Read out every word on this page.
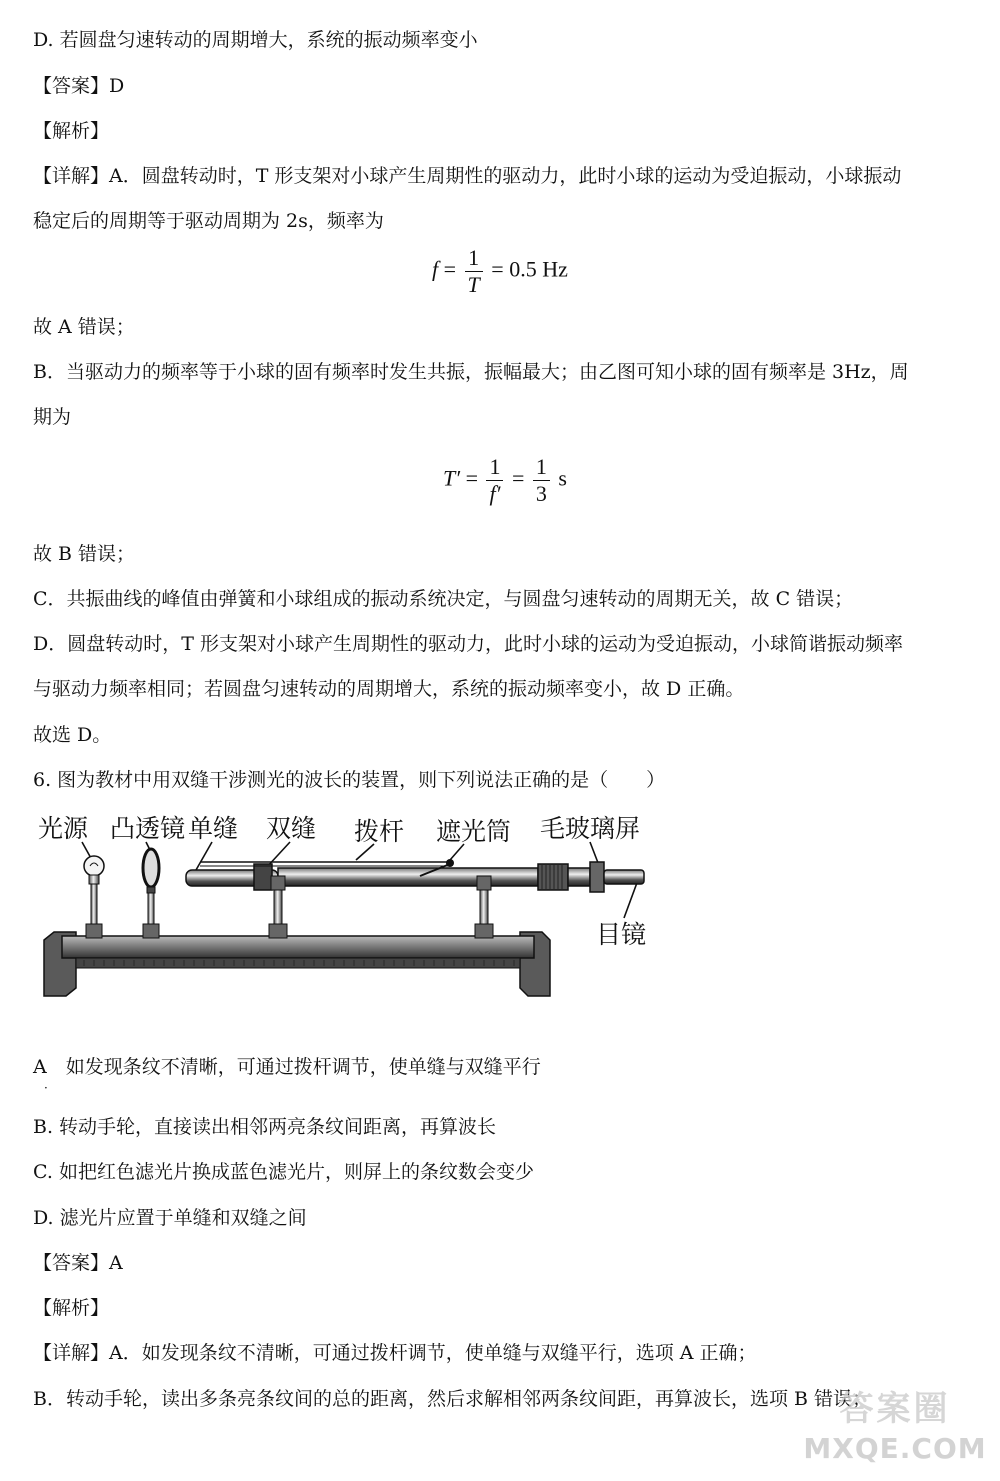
D. 若圆盘匀速转动的周期增大，系统的振动频率变小
【答案】D
【解析】
【详解】A．圆盘转动时，T 形支架对小球产生周期性的驱动力，此时小球的运动为受迫振动，小球振动
稳定后的周期等于驱动周期为 2s，频率为
$f = \frac{1}{T} = 0.5$ Hz
故 A 错误；
B．当驱动力的频率等于小球的固有频率时发生共振，振幅最大；由乙图可知小球的固有频率是 3Hz，周
期为
$T' = \frac{1}{f'} = \frac{1}{3}$ s
故 B 错误；
C．共振曲线的峰值由弹簧和小球组成的振动系统决定，与圆盘匀速转动的周期无关，故 C 错误；
D．圆盘转动时，T 形支架对小球产生周期性的驱动力，此时小球的运动为受迫振动，小球简谐振动频率
与驱动力频率相同；若圆盘匀速转动的周期增大，系统的振动频率变小，故 D 正确。
故选 D。
6. 图为教材中用双缝干涉测光的波长的装置，则下列说法正确的是（　　）
光源 凸透镜 单缝 双缝 拨杆 遮光筒 毛玻璃屏
目镜
A　如发现条纹不清晰，可通过拨杆调节，使单缝与双缝平行
·
B. 转动手轮，直接读出相邻两亮条纹间距离，再算波长
C. 如把红色滤光片换成蓝色滤光片，则屏上的条纹数会变少
D. 滤光片应置于单缝和双缝之间
【答案】A
【解析】
【详解】A．如发现条纹不清晰，可通过拨杆调节，使单缝与双缝平行，选项 A 正确；
B．转动手轮，读出多条亮条纹间的总的距离，然后求解相邻两条纹间距，再算波长，选项 B 错误；
答案圈
MXQE.COM
